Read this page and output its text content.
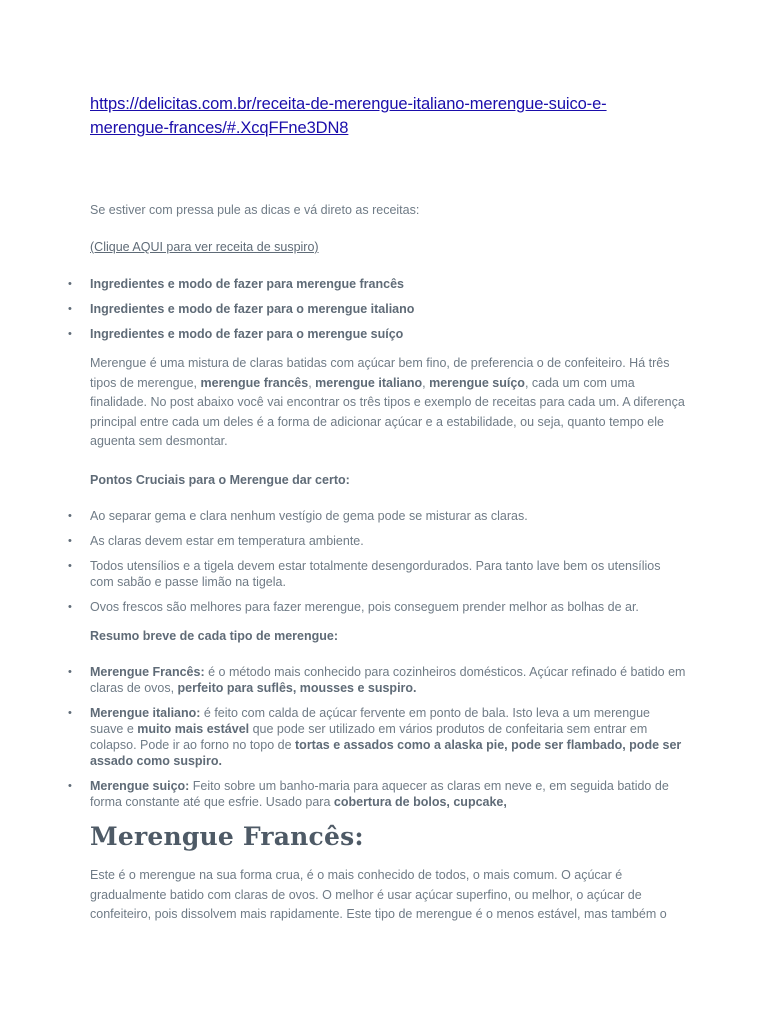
https://delicitas.com.br/receita-de-merengue-italiano-merengue-suico-e-
merengue-frances/#.XcqFFne3DN8

Se estiver com pressa pule as dicas e vá direto as receitas:

(Clique AQUI para ver receita de suspiro)

• Ingredientes e modo de fazer para merengue francês
• Ingredientes e modo de fazer para o merengue italiano
• Ingredientes e modo de fazer para o merengue suíço

Merengue é uma mistura de claras batidas com açúcar bem fino, de preferencia o de confeiteiro. Há três tipos de merengue, merengue francês, merengue italiano, merengue suíço, cada um com uma finalidade. No post abaixo você vai encontrar os três tipos e exemplo de receitas para cada um. A diferença principal entre cada um deles é a forma de adicionar açúcar e a estabilidade, ou seja, quanto tempo ele aguenta sem desmontar.

Pontos Cruciais para o Merengue dar certo:

• Ao separar gema e clara nenhum vestígio de gema pode se misturar as claras.
• As claras devem estar em temperatura ambiente.
• Todos utensílios e a tigela devem estar totalmente desengordurados. Para tanto lave bem os utensílios com sabão e passe limão na tigela.
• Ovos frescos são melhores para fazer merengue, pois conseguem prender melhor as bolhas de ar.

Resumo breve de cada tipo de merengue:

• Merengue Francês: é o método mais conhecido para cozinheiros domésticos. Açúcar refinado é batido em claras de ovos, perfeito para suflês, mousses e suspiro.
• Merengue italiano: é feito com calda de açúcar fervente em ponto de bala. Isto leva a um merengue suave e muito mais estável que pode ser utilizado em vários produtos de confeitaria sem entrar em colapso. Pode ir ao forno no topo de tortas e assados como a alaska pie, pode ser flambado, pode ser assado como suspiro.
• Merengue suiço: Feito sobre um banho-maria para aquecer as claras em neve e, em seguida batido de forma constante até que esfrie. Usado para cobertura de bolos, cupcake,
Merengue Francês:

Este é o merengue na sua forma crua, é o mais conhecido de todos, o mais comum. O açúcar é gradualmente batido com claras de ovos. O melhor é usar açúcar superfino, ou melhor, o açúcar de confeiteiro, pois dissolvem mais rapidamente. Este tipo de merengue é o menos estável, mas também o
